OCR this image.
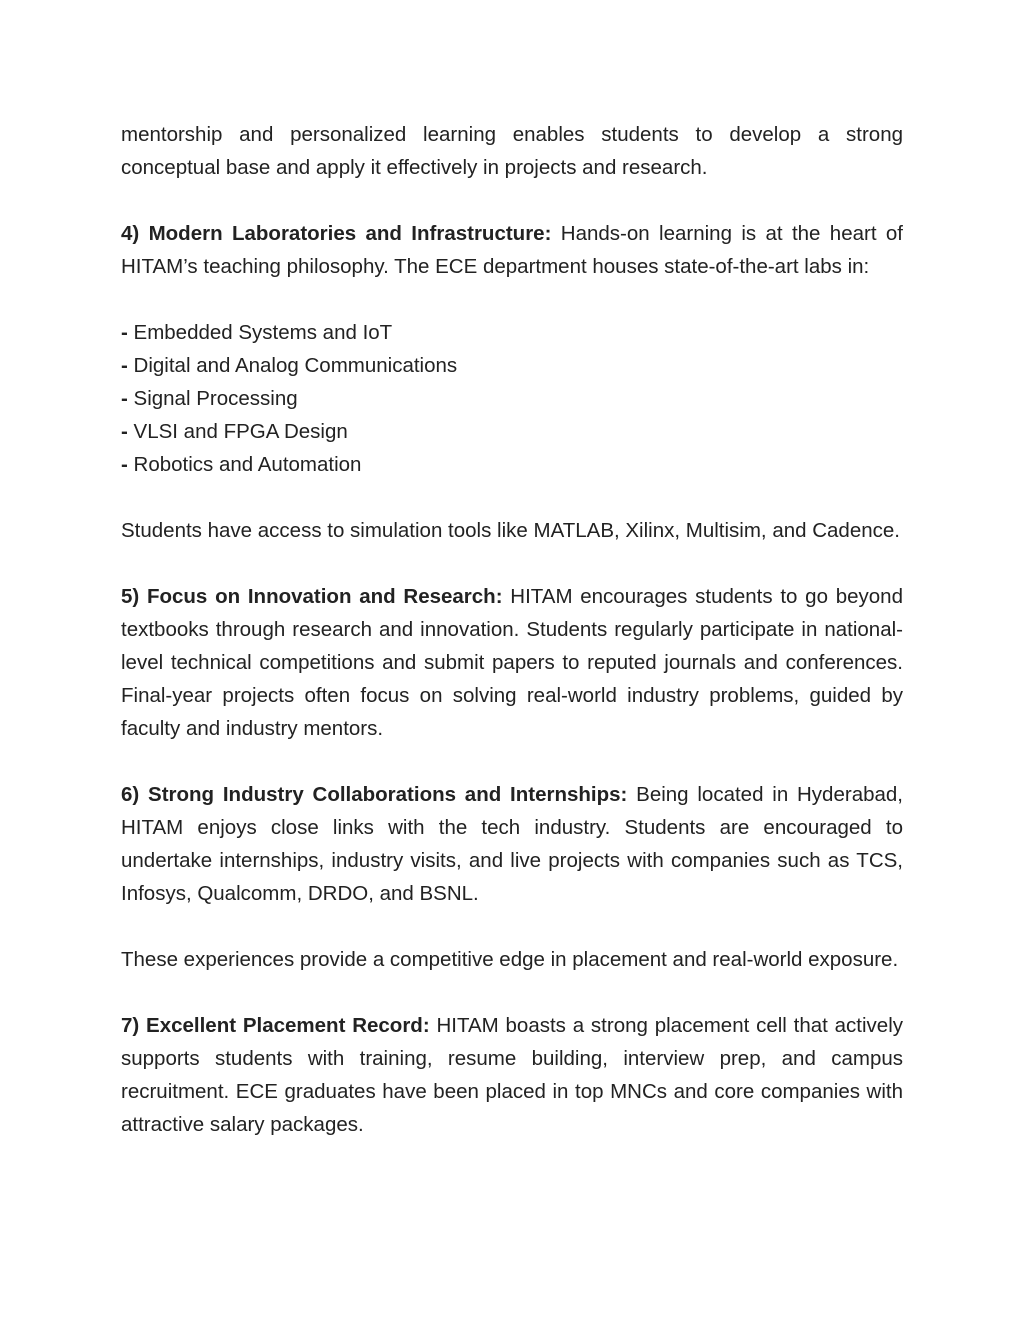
mentorship and personalized learning enables students to develop a strong conceptual base and apply it effectively in projects and research.

4) Modern Laboratories and Infrastructure: Hands-on learning is at the heart of HITAM’s teaching philosophy. The ECE department houses state-of-the-art labs in:

- Embedded Systems and IoT
- Digital and Analog Communications
- Signal Processing
- VLSI and FPGA Design
- Robotics and Automation

Students have access to simulation tools like MATLAB, Xilinx, Multisim, and Cadence.

5) Focus on Innovation and Research: HITAM encourages students to go beyond textbooks through research and innovation. Students regularly participate in national-level technical competitions and submit papers to reputed journals and conferences. Final-year projects often focus on solving real-world industry problems, guided by faculty and industry mentors.

6) Strong Industry Collaborations and Internships: Being located in Hyderabad, HITAM enjoys close links with the tech industry. Students are encouraged to undertake internships, industry visits, and live projects with companies such as TCS, Infosys, Qualcomm, DRDO, and BSNL.

These experiences provide a competitive edge in placement and real-world exposure.

7) Excellent Placement Record: HITAM boasts a strong placement cell that actively supports students with training, resume building, interview prep, and campus recruitment. ECE graduates have been placed in top MNCs and core companies with attractive salary packages.
